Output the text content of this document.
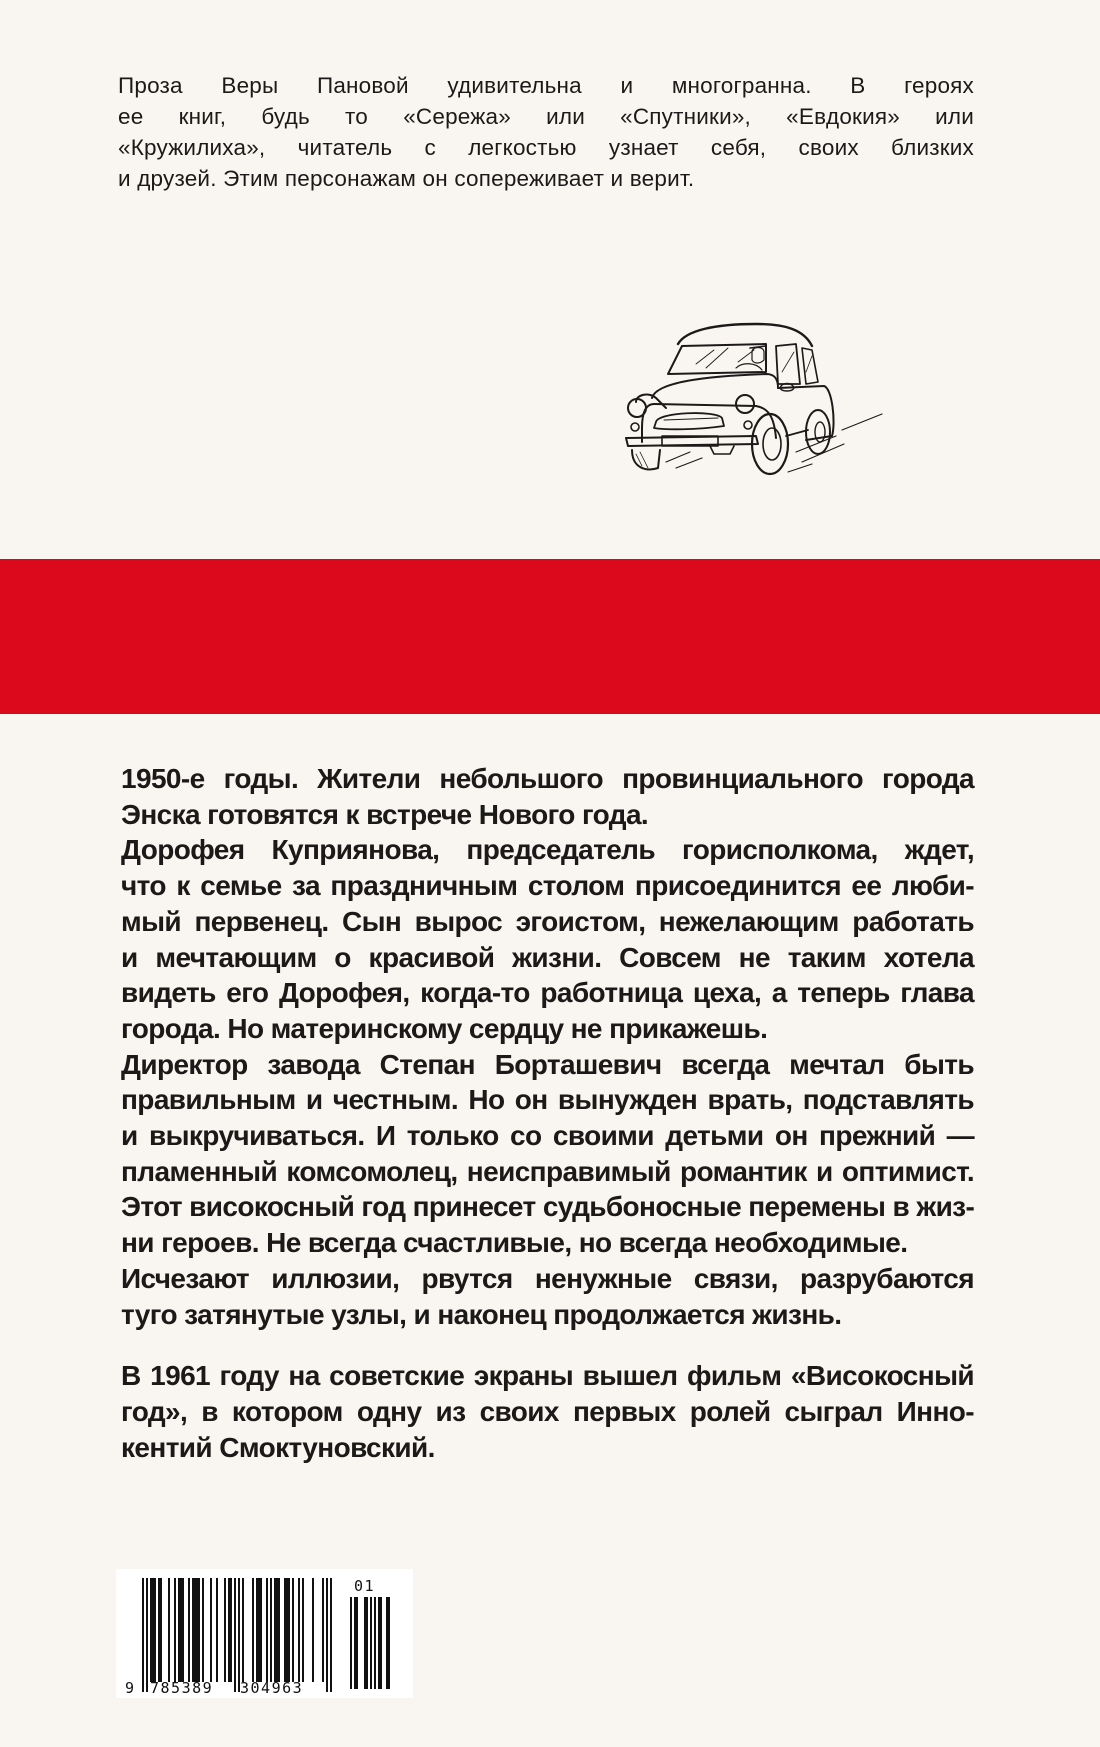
Проза Веры Пановой удивительна и многогранна. В героях
ее книг, будь то «Сережа» или «Спутники», «Евдокия» или
«Кружилиха», читатель с легкостью узнает себя, своих близких
и друзей. Этим персонажам он сопереживает и верит.

1950-е годы. Жители небольшого провинциального города
Энска готовятся к встрече Нового года.
Дорофея Куприянова, председатель горисполкома, ждет,
что к семье за праздничным столом присоединится ее люби-
мый первенец. Сын вырос эгоистом, нежелающим работать
и мечтающим о красивой жизни. Совсем не таким хотела
видеть его Дорофея, когда-то работница цеха, а теперь глава
города. Но материнскому сердцу не прикажешь.
Директор завода Степан Борташевич всегда мечтал быть
правильным и честным. Но он вынужден врать, подставлять
и выкручиваться. И только со своими детьми он прежний —
пламенный комсомолец, неисправимый романтик и оптимист.
Этот високосный год принесет судьбоносные перемены в жиз-
ни героев. Не всегда счастливые, но всегда необходимые.
Исчезают иллюзии, рвутся ненужные связи, разрубаются
туго затянутые узлы, и наконец продолжается жизнь.

В 1961 году на советские экраны вышел фильм «Високосный
год», в котором одну из своих первых ролей сыграл Инно-
кентий Смоктуновский.

9 785389 304963
01
